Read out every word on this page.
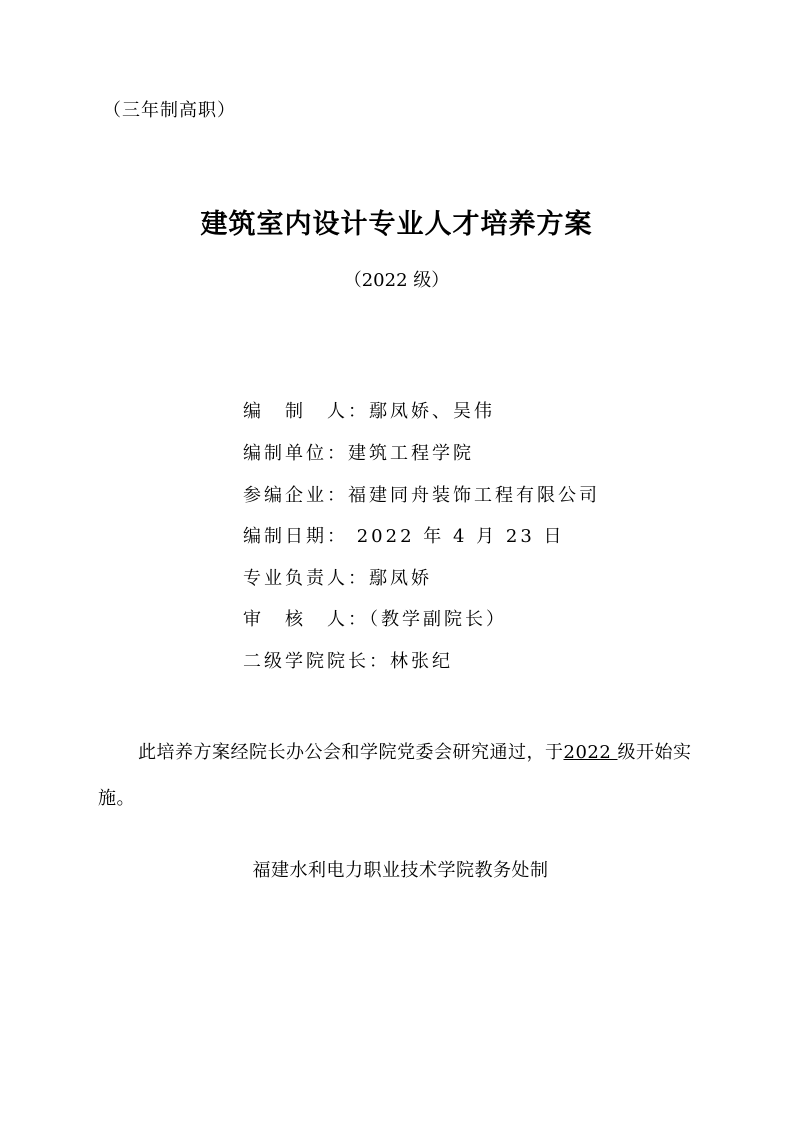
（三年制高职）
建筑室内设计专业人才培养方案
（2022 级）
编　制　人：鄢凤娇、吴伟
编制单位：建筑工程学院
参编企业：福建同舟装饰工程有限公司
编制日期： 2022 年 4 月 23 日
专业负责人：鄢凤娇
审　核　人：（教学副院长）
二级学院院长：林张纪
此培养方案经院长办公会和学院党委会研究通过，于2022 级开始实施。
福建水利电力职业技术学院教务处制
